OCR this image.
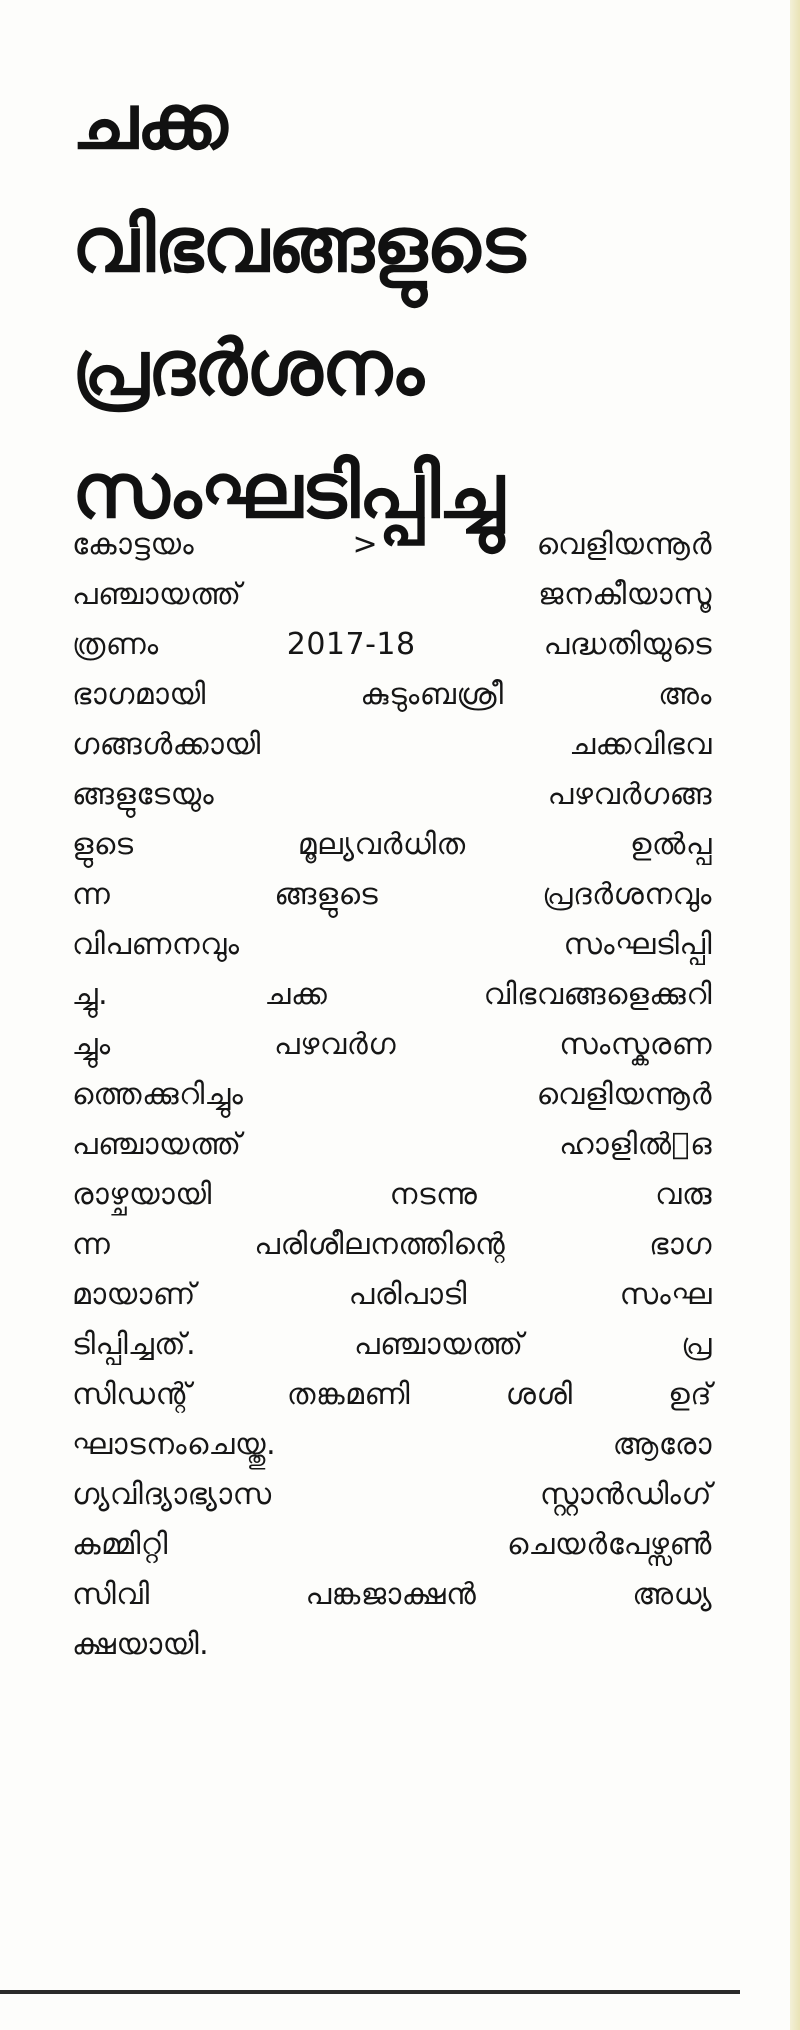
ചക്ക
വിഭവങ്ങളുടെ
പ്രദർശനം
സംഘടിപ്പിച്ചു
കോട്ടയം > വെളിയന്നൂർ
പഞ്ചായത്ത് ജനകീയാസൂ
ത്രണം 2017-18 പദ്ധതിയുടെ
ഭാഗമായി കുടുംബശ്രീ അം
ഗങ്ങൾക്കായി ചക്കവിഭവ
ങ്ങളുടേയും പഴവർഗങ്ങ
ളുടെ മൂല്യവർധിത ഉൽപ്പ
ന്ന ങ്ങളുടെ പ്രദർശനവും
വിപണനവും സംഘടിപ്പി
ച്ചു. ചക്ക വിഭവങ്ങളെക്കുറി
ച്ചും പഴവർഗ സംസ്കരണ
ത്തെക്കുറിച്ചും വെളിയന്നൂർ
പഞ്ചായത്ത് ഹാളിൽ􀀀ഒ
രാഴ്ചയായി നടന്നു വരു
ന്ന പരിശീലനത്തിന്റെ ഭാഗ
മായാണ് പരിപാടി സംഘ
ടിപ്പിച്ചത്. പഞ്ചായത്ത് പ്ര
സിഡന്റ് തങ്കമണി ശശി ഉദ്
ഘാടനംചെയ്തു. ആരോ
ഗ്യവിദ്യാഭ്യാസ സ്റ്റാൻഡിംഗ്
കമ്മിറ്റി ചെയർപേഴ്സൺ
സിവി പങ്കജാക്ഷൻ അധ്യ
ക്ഷയായി.
